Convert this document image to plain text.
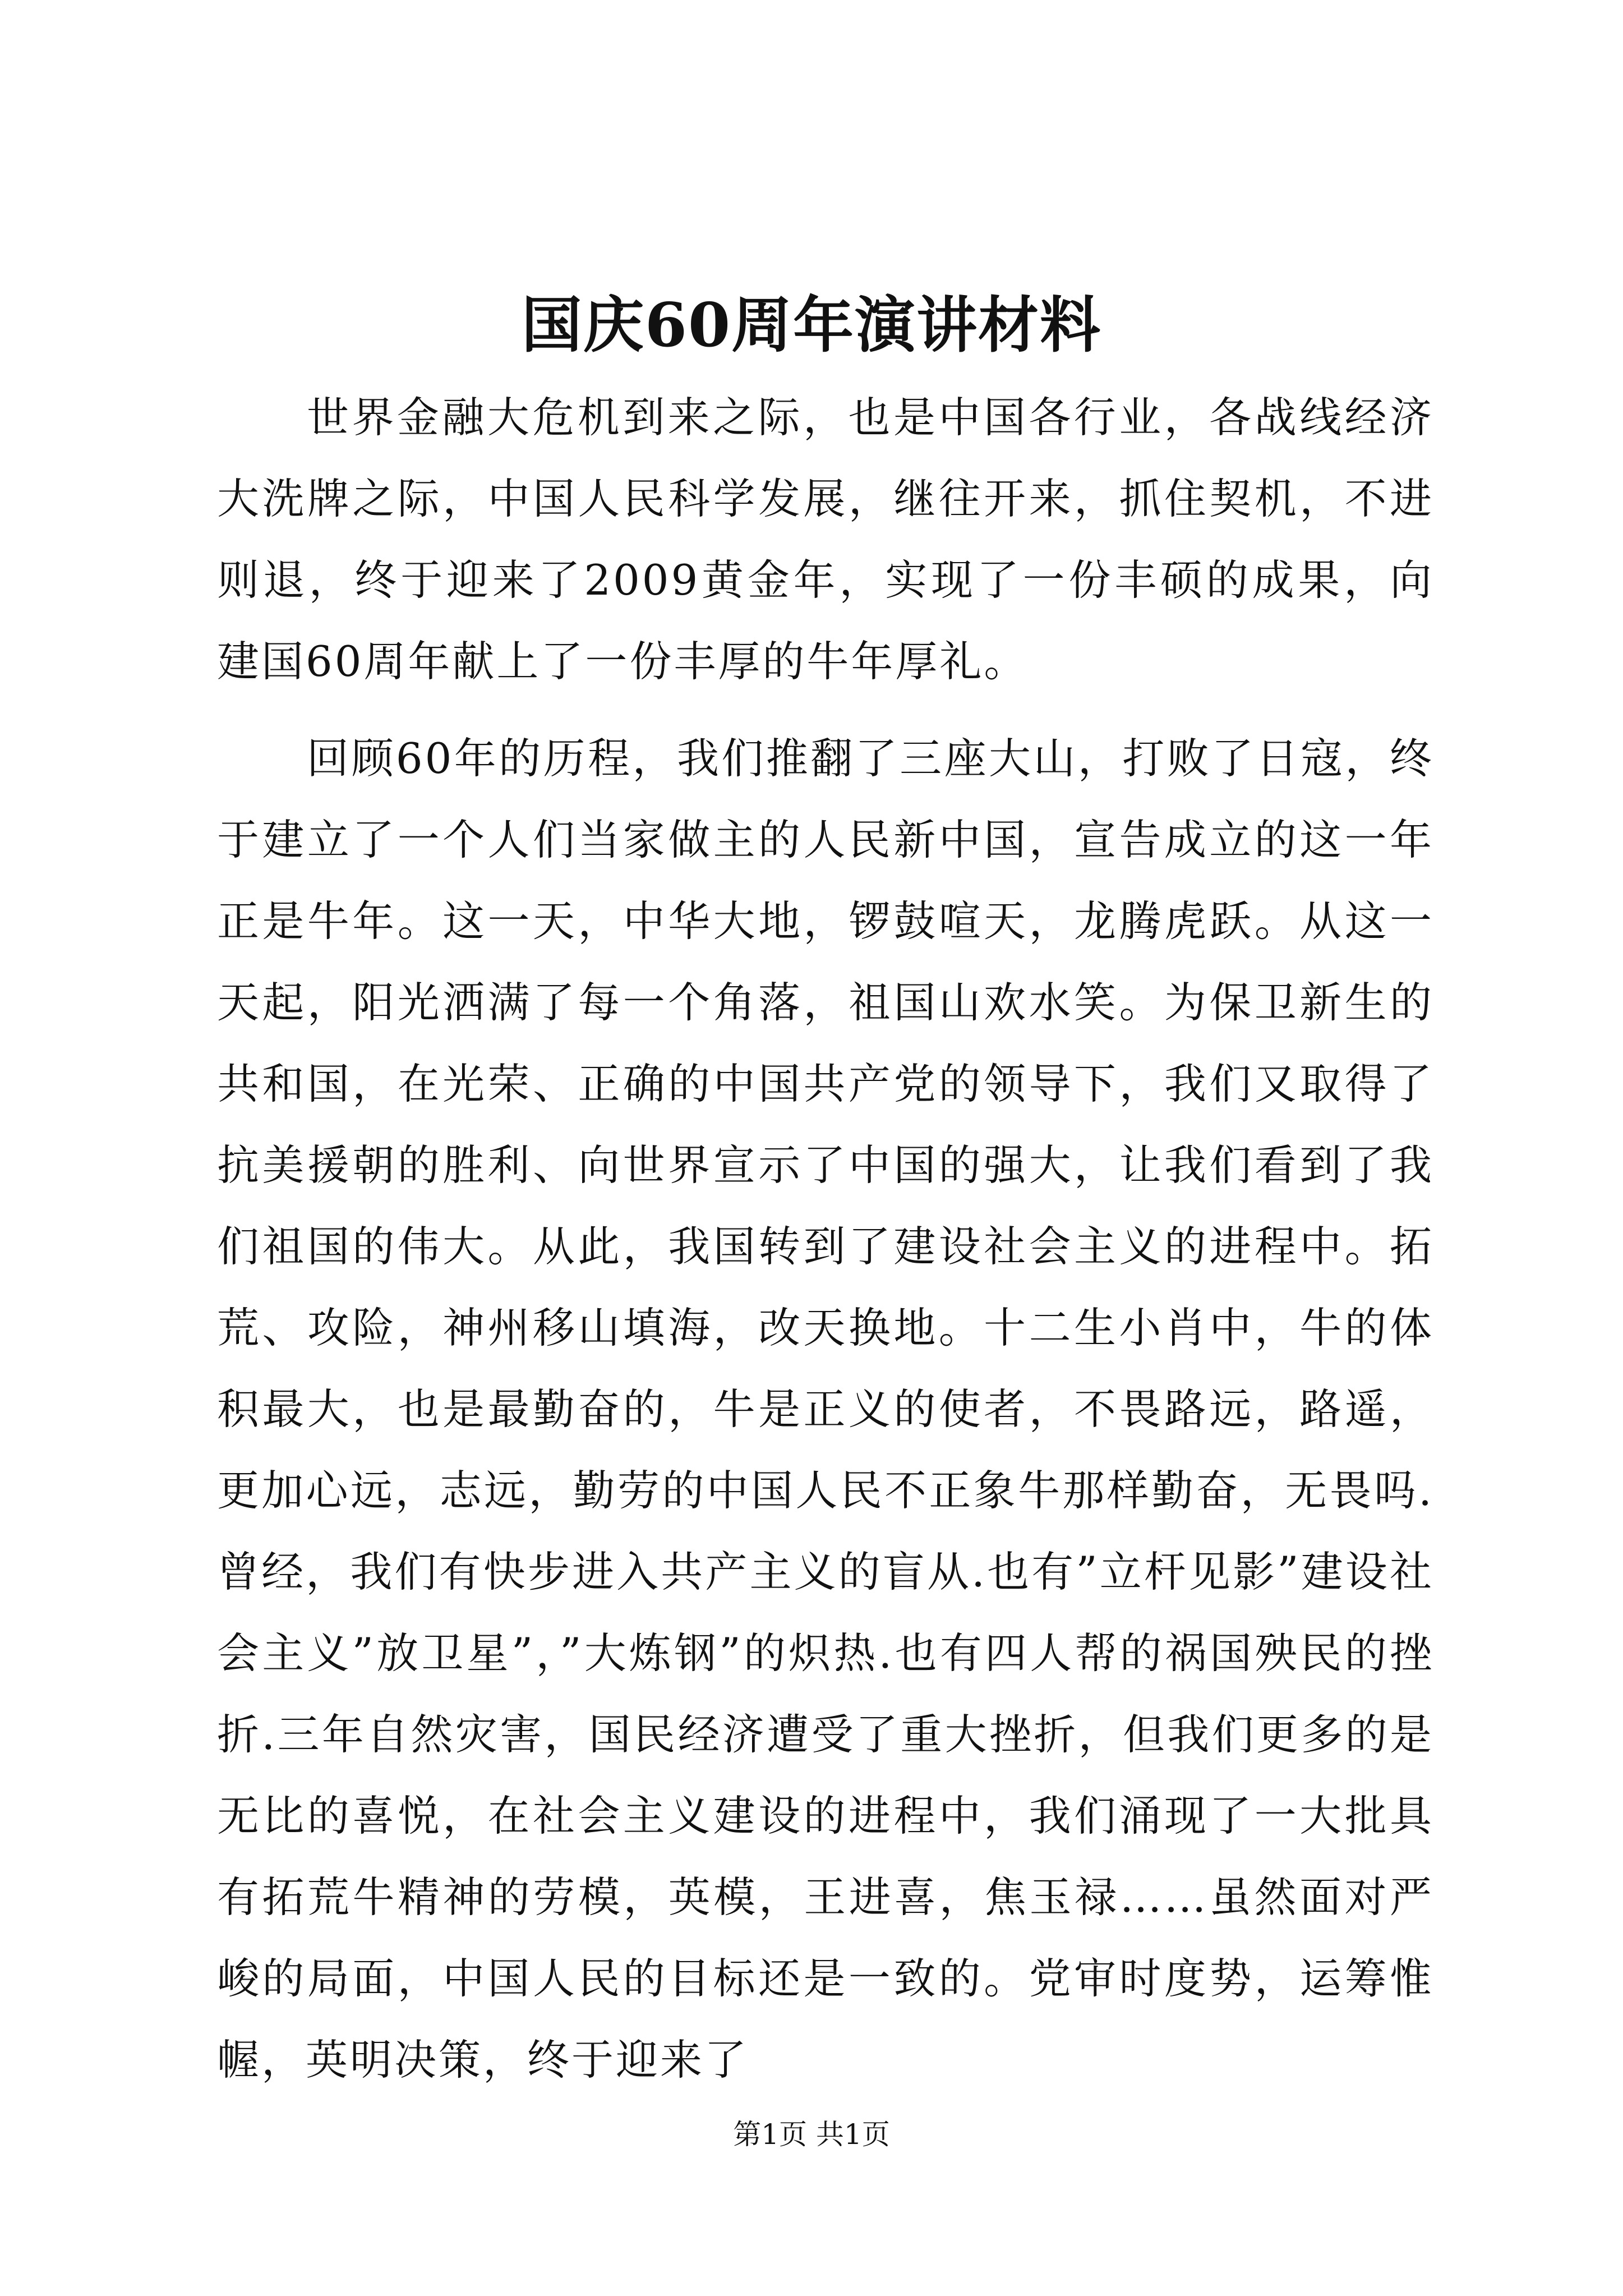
国庆60周年演讲材料

世界金融大危机到来之际，也是中国各行业，各战线经济大洗牌之际，中国人民科学发展，继往开来，抓住契机，不进则退，终于迎来了2009黄金年，实现了一份丰硕的成果，向建国60周年献上了一份丰厚的牛年厚礼。

回顾60年的历程，我们推翻了三座大山，打败了日寇，终于建立了一个人们当家做主的人民新中国，宣告成立的这一年正是牛年。这一天，中华大地，锣鼓喧天，龙腾虎跃。从这一天起，阳光洒满了每一个角落，祖国山欢水笑。为保卫新生的共和国，在光荣、正确的中国共产党的领导下，我们又取得了抗美援朝的胜利、向世界宣示了中国的强大，让我们看到了我们祖国的伟大。从此，我国转到了建设社会主义的进程中。拓荒、攻险，神州移山填海，改天换地。十二生小肖中，牛的体积最大，也是最勤奋的，牛是正义的使者，不畏路远，路遥，更加心远，志远，勤劳的中国人民不正象牛那样勤奋，无畏吗.曾经，我们有快步进入共产主义的盲从.也有”立杆见影”建设社会主义”放卫星”，”大炼钢”的炽热.也有四人帮的祸国殃民的挫折.三年自然灾害，国民经济遭受了重大挫折，但我们更多的是无比的喜悦，在社会主义建设的进程中，我们涌现了一大批具有拓荒牛精神的劳模，英模，王进喜，焦玉禄……虽然面对严峻的局面，中国人民的目标还是一致的。党审时度势，运筹惟幄，英明决策，终于迎来了

第1页 共1页
